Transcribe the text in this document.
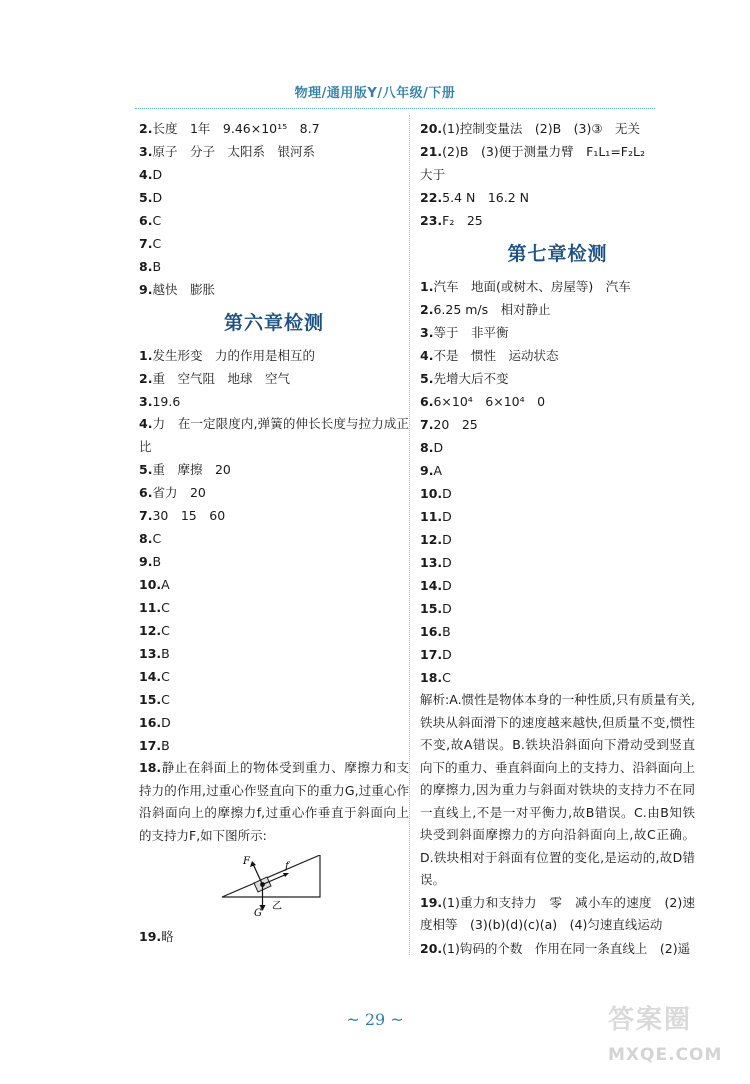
物理/通用版Y/八年级/下册
2.长度　1年　9.46×10¹⁵　8.7
3.原子　分子　太阳系　银河系
4.D
5.D
6.C
7.C
8.B
9.越快　膨胀
第六章检测
1.发生形变　力的作用是相互的
2.重　空气阻　地球　空气
3.19.6
4.力　在一定限度内,弹簧的伸长长度与拉力成正比
5.重　摩擦　20
6.省力　20
7.30　15　60
8.C
9.B
10.A
11.C
12.C
13.B
14.C
15.C
16.D
17.B
18.静止在斜面上的物体受到重力、摩擦力和支持力的作用,过重心作竖直向下的重力G,过重心作沿斜面向上的摩擦力f,过重心作垂直于斜面向上的支持力F,如下图所示:
F	f
G
乙
19.略
20.(1)控制变量法　(2)B　(3)③　无关
21.(2)B　(3)便于测量力臂　F₁L₁=F₂L₂
大于
22.5.4 N　16.2 N
23.F₂　25
第七章检测
1.汽车　地面(或树木、房屋等)　汽车
2.6.25 m/s　相对静止
3.等于　非平衡
4.不是　惯性　运动状态
5.先增大后不变
6.6×10⁴　6×10⁴　0
7.20　25
8.D
9.A
10.D
11.D
12.D
13.D
14.D
15.D
16.B
17.D
18.C
解析:A.惯性是物体本身的一种性质,只有质量有关,铁块从斜面滑下的速度越来越快,但质量不变,惯性不变,故A错误。B.铁块沿斜面向下滑动受到竖直向下的重力、垂直斜面向上的支持力、沿斜面向上的摩擦力,因为重力与斜面对铁块的支持力不在同一直线上,不是一对平衡力,故B错误。C.由B知铁块受到斜面摩擦力的方向沿斜面向上,故C正确。D.铁块相对于斜面有位置的变化,是运动的,故D错误。
19.(1)重力和支持力　零　减小车的速度　(2)速度相等　(3)(b)(d)(c)(a)　(4)匀速直线运动
20.(1)钩码的个数　作用在同一条直线上　(2)遥
~ 29 ~	答案圈
MXQE.COM
